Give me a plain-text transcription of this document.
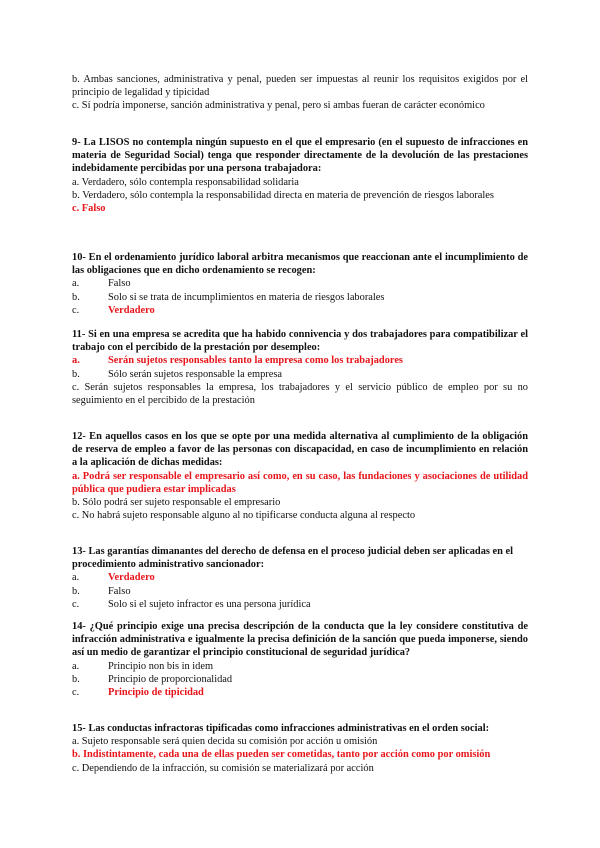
b. Ambas sanciones, administrativa y penal, pueden ser impuestas al reunir los requisitos exigidos por el principio de legalidad y tipicidad

c. Sí podría imponerse, sanción administrativa y penal, pero si ambas fueran de carácter económico

9- La LISOS no contempla ningún supuesto en el que el empresario (en el supuesto de infracciones en materia de Seguridad Social) tenga que responder directamente de la devolución de las prestaciones indebidamente percibidas por una persona trabajadora:

a. Verdadero, sólo contempla responsabilidad solidaria

b. Verdadero, sólo contempla la responsabilidad directa en materia de prevención de riesgos laborales

c. Falso

10- En el ordenamiento jurídico laboral arbitra mecanismos que reaccionan ante el incumplimiento de las obligaciones que en dicho ordenamiento se recogen:

a.	Falso
b.	Solo si se trata de incumplimientos en materia de riesgos laborales
c.	Verdadero

11- Si en una empresa se acredita que ha habido connivencia y dos trabajadores para compatibilizar el trabajo con el percibido de la prestación por desempleo:

a.	Serán sujetos responsables tanto la empresa como los trabajadores
b.	Sólo serán sujetos responsable la empresa

c. Serán sujetos responsables la empresa, los trabajadores y el servicio público de empleo por su no seguimiento en el percibido de la prestación

12- En aquellos casos en los que se opte por una medida alternativa al cumplimiento de la obligación de reserva de empleo a favor de las personas con discapacidad, en caso de incumplimiento en relación a la aplicación de dichas medidas:

a. Podrá ser responsable el empresario así como, en su caso, las fundaciones y asociaciones de utilidad pública que pudiera estar implicadas

b. Sólo podrá ser sujeto responsable el empresario

c. No habrá sujeto responsable alguno al no tipificarse conducta alguna al respecto

13- Las garantías dimanantes del derecho de defensa en el proceso judicial deben ser aplicadas en el procedimiento administrativo sancionador:

a.	Verdadero
b.	Falso
c.	Solo si el sujeto infractor es una persona jurídica

14- ¿Qué principio exige una precisa descripción de la conducta que la ley considere constitutiva de infracción administrativa e igualmente la precisa definición de la sanción que pueda imponerse, siendo así un medio de garantizar el principio constitucional de seguridad jurídica?

a.	Principio non bis in idem
b.	Principio de proporcionalidad
c.	Principio de tipicidad

15- Las conductas infractoras tipificadas como infracciones administrativas en el orden social:

a. Sujeto responsable será quien decida su comisión por acción u omisión

b. Indistintamente, cada una de ellas pueden ser cometidas, tanto por acción como por omisión

c. Dependiendo de la infracción, su comisión se materializará por acción
